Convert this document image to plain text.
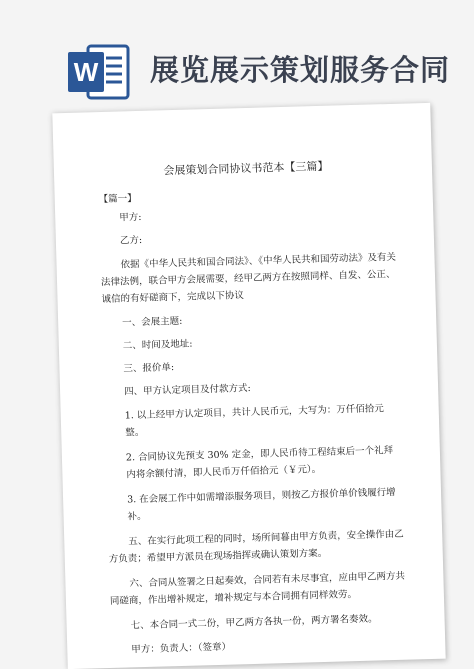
W 展览展示策划服务合同
会展策划合同协议书范本【三篇】
【篇一】
甲方:
乙方:
依据《中华人民共和国合同法》、《中华人民共和国劳动法》及有关法律法例，联合甲方会展需要，经甲乙两方在按照同样、自发、公正、诚信的有好磋商下，完成以下协议
一、会展主题:
二、时间及地址:
三、报价单:
四、甲方认定项目及付款方式:
1. 以上经甲方认定项目，共计人民币元，大写为：万仟佰拾元整。
2. 合同协议先预支 30% 定金，即人民币待工程结束后一个礼拜内将余额付清，即人民币万仟佰拾元（￥元）。
3. 在会展工作中如需增添服务项目，则按乙方报价单价钱履行增补。
五、在实行此项工程的同时，场所间暮由甲方负责，安全操作由乙方负责；希望甲方派员在现场指挥或确认策划方案。
六、合同从签署之日起奏效，合同若有未尽事宜，应由甲乙两方共同磋商，作出增补规定，增补规定与本合同拥有同样效劳。
七、本合同一式二份，甲乙两方各执一份，两方署名奏效。
甲方：负责人：（签章）
